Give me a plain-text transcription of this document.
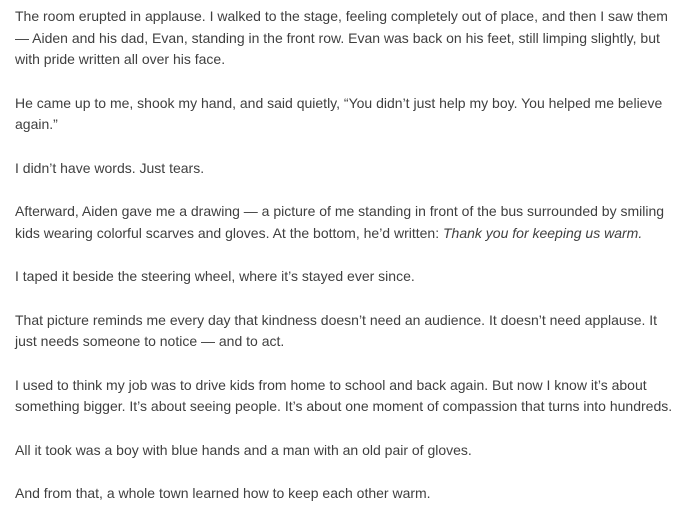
The room erupted in applause. I walked to the stage, feeling completely out of place, and then I saw them — Aiden and his dad, Evan, standing in the front row. Evan was back on his feet, still limping slightly, but with pride written all over his face.

He came up to me, shook my hand, and said quietly, “You didn’t just help my boy. You helped me believe again.”

I didn’t have words. Just tears.

Afterward, Aiden gave me a drawing — a picture of me standing in front of the bus surrounded by smiling kids wearing colorful scarves and gloves. At the bottom, he’d written: Thank you for keeping us warm.

I taped it beside the steering wheel, where it’s stayed ever since.

That picture reminds me every day that kindness doesn’t need an audience. It doesn’t need applause. It just needs someone to notice — and to act.

I used to think my job was to drive kids from home to school and back again. But now I know it’s about something bigger. It’s about seeing people. It’s about one moment of compassion that turns into hundreds.

All it took was a boy with blue hands and a man with an old pair of gloves.

And from that, a whole town learned how to keep each other warm.
